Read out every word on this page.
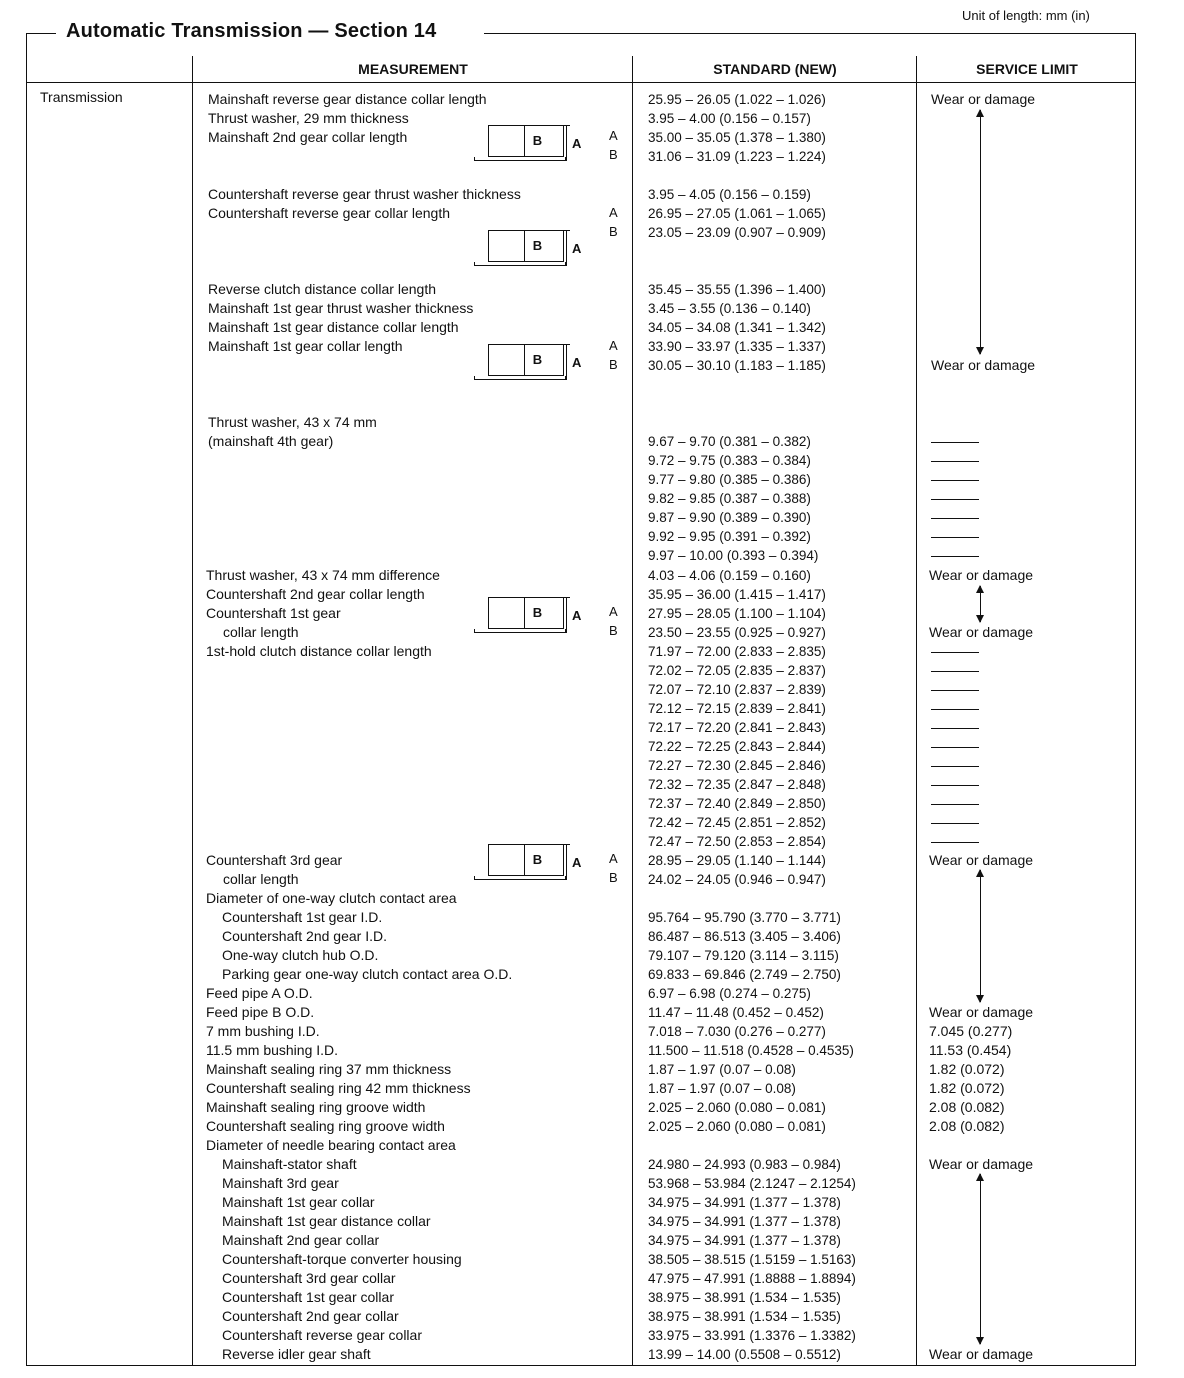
Unit of length: mm (in)
Automatic Transmission — Section 14
MEASUREMENT	STANDARD (NEW)	SERVICE LIMIT
Transmission	Mainshaft reverse gear distance collar length	25.95 – 26.05 (1.022 – 1.026)	Wear or damage
Thrust washer, 29 mm thickness	3.95 – 4.00 (0.156 – 0.157)
Mainshaft 2nd gear collar length	35.00 – 35.05 (1.378 – 1.380)
31.06 – 31.09 (1.223 – 1.224)
Countershaft reverse gear thrust washer thickness	3.95 – 4.05 (0.156 – 0.159)
Countershaft reverse gear collar length	26.95 – 27.05 (1.061 – 1.065)
23.05 – 23.09 (0.907 – 0.909)
Reverse clutch distance collar length	35.45 – 35.55 (1.396 – 1.400)
Mainshaft 1st gear thrust washer thickness	3.45 – 3.55 (0.136 – 0.140)
Mainshaft 1st gear distance collar length	34.05 – 34.08 (1.341 – 1.342)
Mainshaft 1st gear collar length	33.90 – 33.97 (1.335 – 1.337)
30.05 – 30.10 (1.183 – 1.185)	Wear or damage
Thrust washer, 43 x 74 mm
(mainshaft 4th gear)	9.67 – 9.70 (0.381 – 0.382)
9.72 – 9.75 (0.383 – 0.384)
9.77 – 9.80 (0.385 – 0.386)
9.82 – 9.85 (0.387 – 0.388)
9.87 – 9.90 (0.389 – 0.390)
9.92 – 9.95 (0.391 – 0.392)
9.97 – 10.00 (0.393 – 0.394)
Thrust washer, 43 x 74 mm difference	4.03 – 4.06 (0.159 – 0.160)	Wear or damage
Countershaft 2nd gear collar length	35.95 – 36.00 (1.415 – 1.417)
Countershaft 1st gear	27.95 – 28.05 (1.100 – 1.104)
collar length	23.50 – 23.55 (0.925 – 0.927)	Wear or damage
1st-hold clutch distance collar length	71.97 – 72.00 (2.833 – 2.835)
72.02 – 72.05 (2.835 – 2.837)
72.07 – 72.10 (2.837 – 2.839)
72.12 – 72.15 (2.839 – 2.841)
72.17 – 72.20 (2.841 – 2.843)
72.22 – 72.25 (2.843 – 2.844)
72.27 – 72.30 (2.845 – 2.846)
72.32 – 72.35 (2.847 – 2.848)
72.37 – 72.40 (2.849 – 2.850)
72.42 – 72.45 (2.851 – 2.852)
72.47 – 72.50 (2.853 – 2.854)
Countershaft 3rd gear	28.95 – 29.05 (1.140 – 1.144)	Wear or damage
collar length	24.02 – 24.05 (0.946 – 0.947)
Diameter of one-way clutch contact area
Countershaft 1st gear I.D.	95.764 – 95.790 (3.770 – 3.771)
Countershaft 2nd gear I.D.	86.487 – 86.513 (3.405 – 3.406)
One-way clutch hub O.D.	79.107 – 79.120 (3.114 – 3.115)
Parking gear one-way clutch contact area O.D.	69.833 – 69.846 (2.749 – 2.750)
Feed pipe A O.D.	6.97 – 6.98 (0.274 – 0.275)
Feed pipe B O.D.	11.47 – 11.48 (0.452 – 0.452)	Wear or damage
7 mm bushing I.D.	7.018 – 7.030 (0.276 – 0.277)	7.045 (0.277)
11.5 mm bushing I.D.	11.500 – 11.518 (0.4528 – 0.4535)	11.53 (0.454)
Mainshaft sealing ring 37 mm thickness	1.87 – 1.97 (0.07 – 0.08)	1.82 (0.072)
Countershaft sealing ring 42 mm thickness	1.87 – 1.97 (0.07 – 0.08)	1.82 (0.072)
Mainshaft sealing ring groove width	2.025 – 2.060 (0.080 – 0.081)	2.08 (0.082)
Countershaft sealing ring groove width	2.025 – 2.060 (0.080 – 0.081)	2.08 (0.082)
Diameter of needle bearing contact area
Mainshaft-stator shaft	24.980 – 24.993 (0.983 – 0.984)	Wear or damage
Mainshaft 3rd gear	53.968 – 53.984 (2.1247 – 2.1254)
Mainshaft 1st gear collar	34.975 – 34.991 (1.377 – 1.378)
Mainshaft 1st gear distance collar	34.975 – 34.991 (1.377 – 1.378)
Mainshaft 2nd gear collar	34.975 – 34.991 (1.377 – 1.378)
Countershaft-torque converter housing	38.505 – 38.515 (1.5159 – 1.5163)
Countershaft 3rd gear collar	47.975 – 47.991 (1.8888 – 1.8894)
Countershaft 1st gear collar	38.975 – 38.991 (1.534 – 1.535)
Countershaft 2nd gear collar	38.975 – 38.991 (1.534 – 1.535)
Countershaft reverse gear collar	33.975 – 33.991 (1.3376 – 1.3382)
Reverse idler gear shaft	13.99 – 14.00 (0.5508 – 0.5512)	Wear or damage
A
B
A
B
A
B
A
B
A
B
B	A
B	A
B	A
B	A
B	A
